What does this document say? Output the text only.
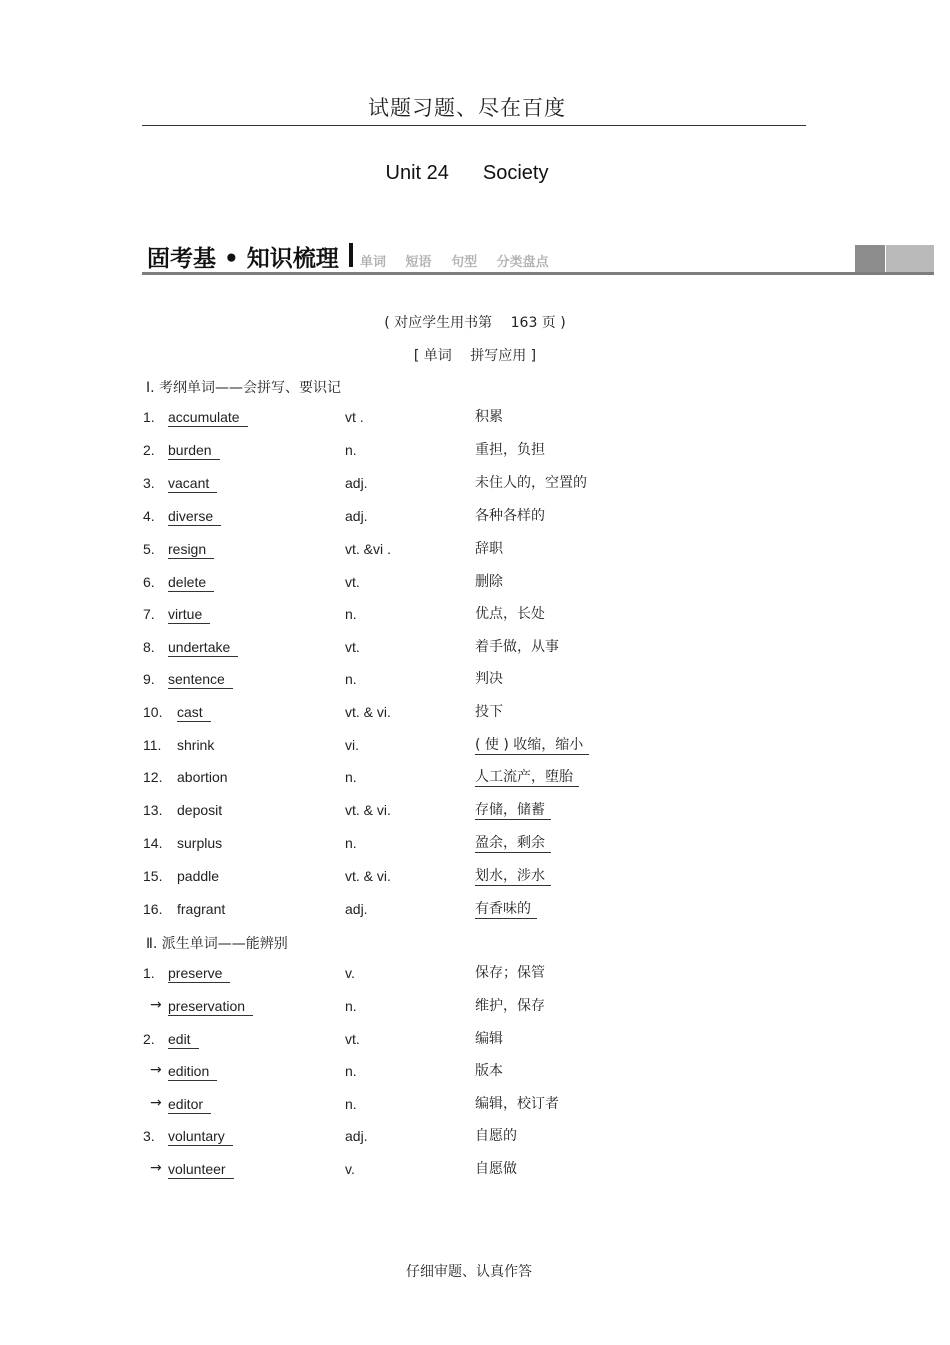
试题习题、尽在百度
Unit 24 Society
固考基 • 知识梳理 单词 短语 句型 分类盘点
( 对应学生用书第　 163 页 )
[ 单词　 拼写应用 ]
Ⅰ. 考纲单词——会拼写、要识记
1. accumulate	vt .	积累
2. burden	n.	重担，负担
3. vacant	adj.	未住人的，空置的
4. diverse	adj.	各种各样的
5. resign	vt. &vi .	辞职
6. delete	vt.	删除
7. virtue	n.	优点，长处
8. undertake	vt.	着手做，从事
9. sentence	n.	判决
10. cast	vt. & vi.	投下
11. shrink	vi.	( 使 ) 收缩，缩小
12. abortion	n.	人工流产，堕胎
13. deposit	vt. & vi.	存储，储蓄
14. surplus	n.	盈余，剩余
15. paddle	vt. & vi.	划水，涉水
16. fragrant	adj.	有香味的
Ⅱ. 派生单词——能辨别
1. preserve	v.	保存；保管
→ preservation	n.	维护，保存
2. edit	vt.	编辑
→ edition	n.	版本
→ editor	n.	编辑，校订者
3. voluntary	adj.	自愿的
→ volunteer	v.	自愿做
仔细审题、认真作答
